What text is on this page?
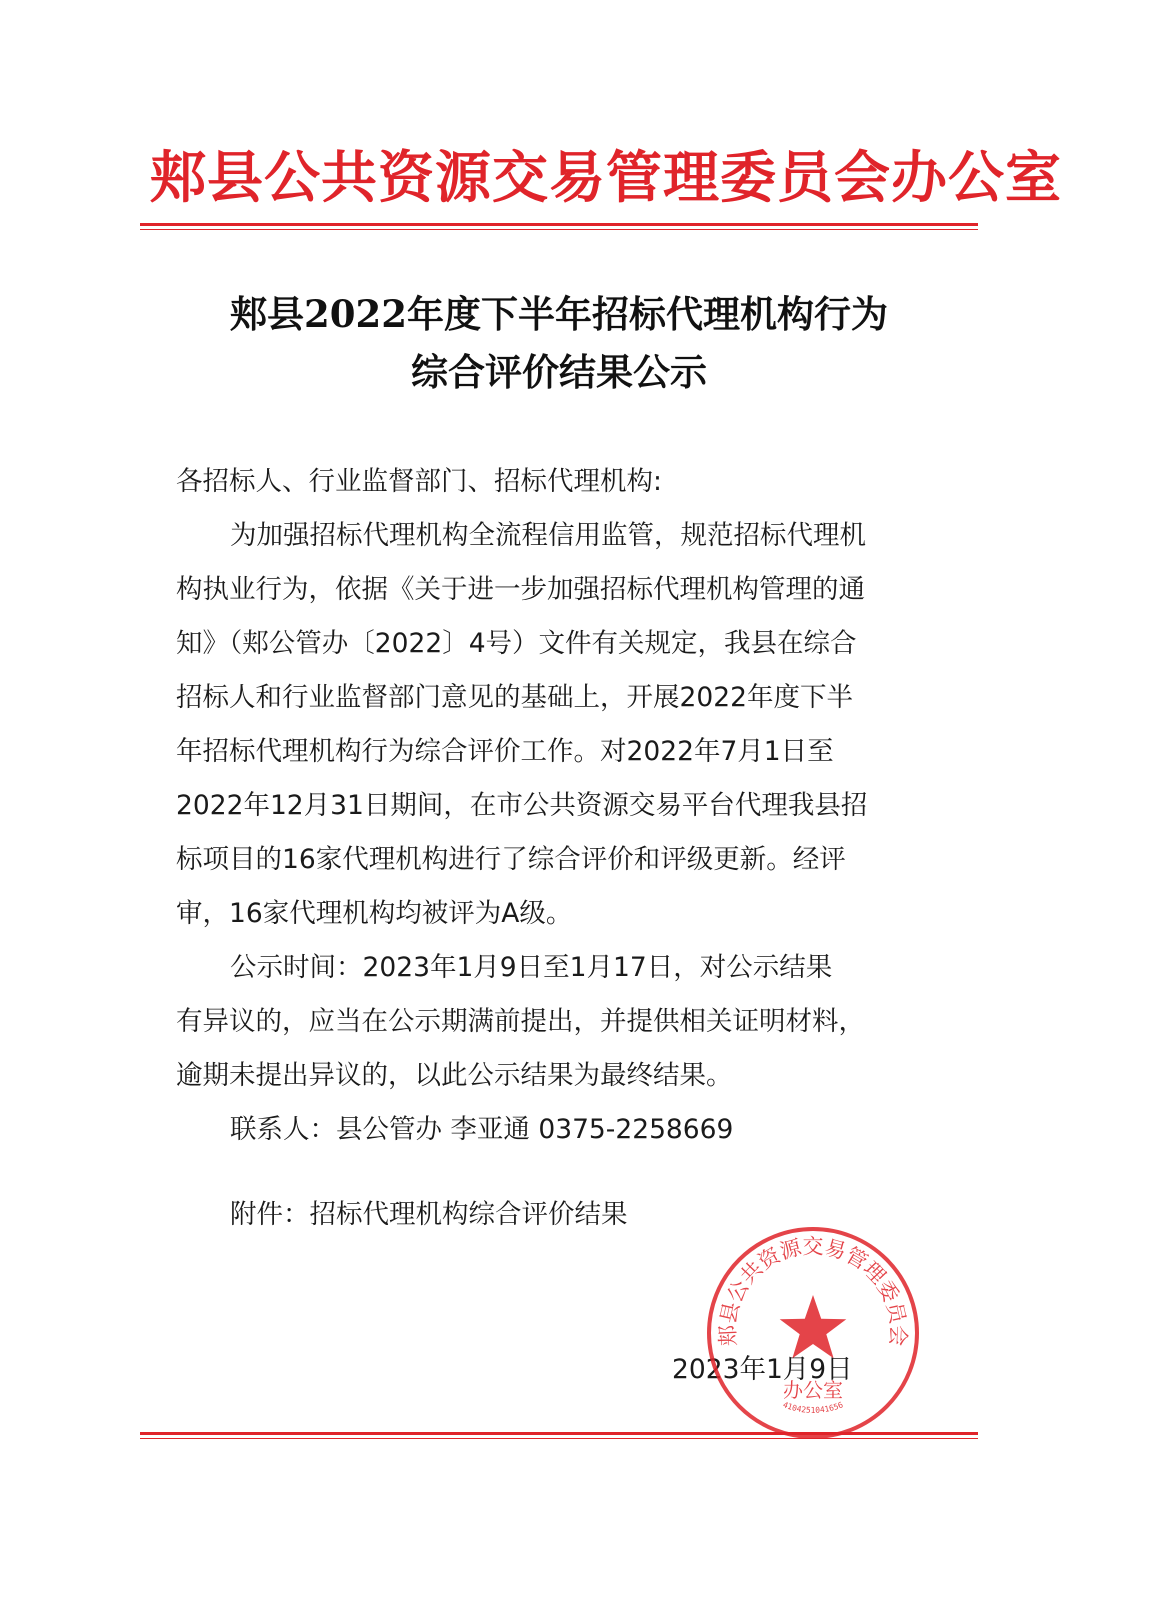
郏县公共资源交易管理委员会办公室
郏县2022年度下半年招标代理机构行为
综合评价结果公示
各招标人、行业监督部门、招标代理机构:
为加强招标代理机构全流程信用监管，规范招标代理机
构执业行为，依据《关于进一步加强招标代理机构管理的通
知》（郏公管办〔2022〕4号）文件有关规定，我县在综合
招标人和行业监督部门意见的基础上，开展2022年度下半
年招标代理机构行为综合评价工作。对2022年7月1日至
2022年12月31日期间，在市公共资源交易平台代理我县招
标项目的16家代理机构进行了综合评价和评级更新。经评
审，16家代理机构均被评为A级。
公示时间：2023年1月9日至1月17日，对公示结果
有异议的，应当在公示期满前提出，并提供相关证明材料，
逾期未提出异议的，以此公示结果为最终结果。
联系人：县公管办 李亚通 0375-2258669
附件：招标代理机构综合评价结果
2023年1月9日
郏县公共资源交易管理委员会
办公室
4104251041656
